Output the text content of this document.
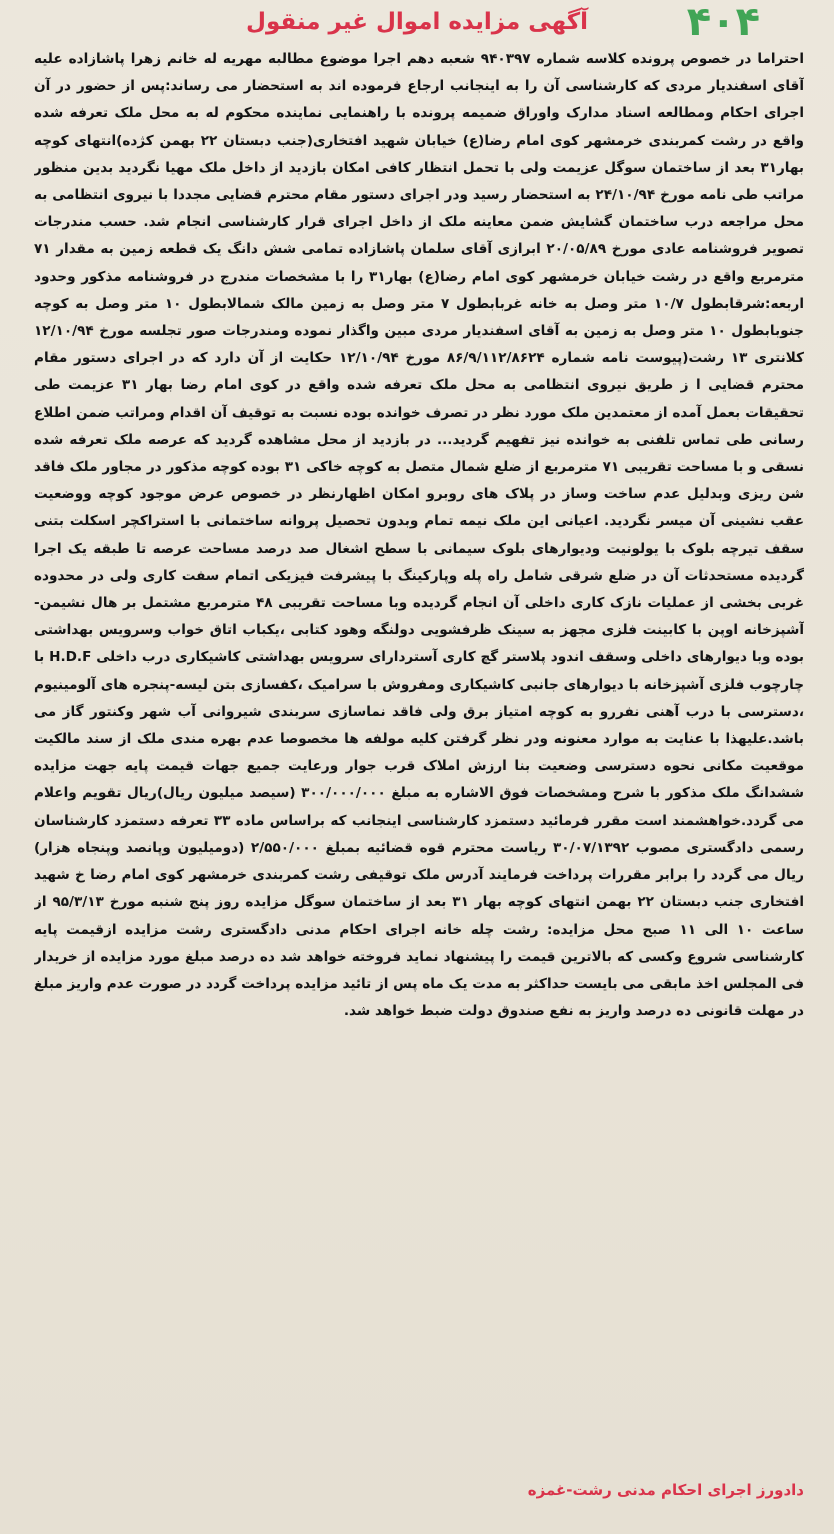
۴۰۴
آگهی مزایده اموال غیر منقول
احتراما در خصوص پرونده کلاسه شماره ۹۴۰۳۹۷ شعبه دهم اجرا موضوع مطالبه مهریه له خانم زهرا پاشازاده علیه آقای اسفندیار مردی که کارشناسی آن را به اینجانب ارجاع فرموده اند به استحضار می رساند:پس از حضور در آن اجرای احکام ومطالعه اسناد مدارک واوراق ضمیمه پرونده با راهنمایی نماینده محکوم له به محل ملک تعرفه شده واقع در رشت کمربندی خرمشهر کوی امام رضا(ع) خیابان شهید افتخاری(جنب دبستان ۲۲ بهمن کژده)انتهای کوچه بهار۳۱ بعد از ساختمان سوگل عزیمت ولی با تحمل انتظار کافی امکان بازدید از داخل ملک مهیا نگردید بدین منظور مراتب طی نامه مورخ ۲۴/۱۰/۹۴ به استحضار رسید ودر اجرای دستور مقام محترم قضایی مجددا با نیروی انتظامی به محل مراجعه درب ساختمان گشایش ضمن معاینه ملک از داخل اجرای قرار کارشناسی انجام شد. حسب مندرجات تصویر فروشنامه عادی مورخ ۲۰/۰۵/۸۹ ابرازی آقای سلمان پاشازاده تمامی شش دانگ یک قطعه زمین به مقدار ۷۱ مترمربع واقع در رشت خیابان خرمشهر کوی امام رضا(ع) بهار۳۱ را با مشخصات مندرج در فروشنامه مذکور وحدود اربعه:شرقابطول ۱۰/۷ متر وصل به خانه غربابطول ۷ متر وصل به زمین مالک شمالابطول ۱۰ متر وصل به کوچه جنوبابطول ۱۰ متر وصل به زمین به آقای اسفندیار مردی مبین واگذار نموده ومندرجات صور تجلسه مورخ ۱۲/۱۰/۹۴ کلانتری ۱۳ رشت(پیوست نامه شماره ۸۶/۹/۱۱۲/۸۶۲۴ مورخ ۱۲/۱۰/۹۴ حکایت از آن دارد که در اجرای دستور مقام محترم قضایی ا ز طریق نیروی انتظامی به محل ملک تعرفه شده واقع در کوی امام رضا بهار ۳۱ عزیمت طی تحقیقات بعمل آمده از معتمدین ملک مورد نظر در تصرف خوانده بوده نسبت به توقیف آن اقدام ومراتب ضمن اطلاع رسانی طی تماس تلفنی به خوانده نیز تفهیم گردید... در بازدید از محل مشاهده گردید که عرصه ملک تعرفه شده نسقی و با مساحت تقریبی ۷۱ مترمربع از ضلع شمال متصل به کوچه خاکی ۳۱ بوده کوچه مذکور در مجاور ملک فاقد شن ریزی وبدلیل عدم ساخت وساز در پلاک های روبرو امکان اظهارنظر در خصوص عرض موجود کوچه ووضعیت عقب نشینی آن میسر نگردید. اعیانی این ملک نیمه تمام وبدون تحصیل پروانه ساختمانی با استراکچر اسکلت بتنی سقف تیرچه بلوک با یولونیت ودیوارهای بلوک سیمانی با سطح اشغال صد درصد مساحت عرصه تا طبقه یک اجرا گردیده مستحدثات آن در ضلع شرقی شامل راه پله وپارکینگ با پیشرفت فیزیکی اتمام سفت کاری ولی در محدوده غربی بخشی از عملیات نازک کاری داخلی آن انجام گردیده وبا مساحت تقریبی ۴۸ مترمربع مشتمل بر هال نشیمن-آشپزخانه اوپن با کابینت فلزی مجهز به سینک ظرفشویی دولنگه وهود کتابی ،یکباب اتاق خواب وسرویس بهداشتی بوده وبا دیوارهای داخلی وسقف اندود پلاستر گچ کاری آستردارای سرویس بهداشتی کاشیکاری درب داخلی H.D.F با چارچوب فلزی آشپزخانه با دیوارهای جانبی کاشیکاری ومفروش با سرامیک ،کفسازی بتن لیسه-پنجره های آلومینیوم ،دسترسی با درب آهنی نفررو به کوچه امتیاز برق ولی فاقد نماسازی سربندی شیروانی آب شهر وکنتور گاز می باشد.علیهذا با عنایت به موارد معنونه ودر نظر گرفتن کلیه مولفه ها مخصوصا عدم بهره مندی ملک از سند مالکیت موقعیت مکانی نحوه دسترسی وضعیت بنا ارزش املاک قرب جوار ورعایت جمیع جهات قیمت پایه جهت مزایده ششدانگ ملک مذکور با شرح ومشخصات فوق الاشاره به مبلغ ۳۰۰/۰۰۰/۰۰۰ (سیصد میلیون ریال)ریال تقویم واعلام می گردد.خواهشمند است مقرر فرمائید دستمزد کارشناسی اینجانب که براساس ماده ۳۳ تعرفه دستمزد کارشناسان رسمی دادگستری مصوب ۳۰/۰۷/۱۳۹۲ ریاست محترم قوه قضائیه بمبلغ ۲/۵۵۰/۰۰۰ (دومیلیون وپانصد وپنجاه هزار) ریال می گردد را برابر مقررات پرداخت فرمایند آدرس ملک توقیفی رشت کمربندی خرمشهر کوی امام رضا خ شهید افتخاری جنب دبستان ۲۲ بهمن انتهای کوچه بهار ۳۱ بعد از ساختمان سوگل مزایده روز پنج شنبه مورخ ۹۵/۳/۱۳ از ساعت ۱۰ الی ۱۱ صبح محل مزایده: رشت چله خانه اجرای احکام مدنی دادگستری رشت مزایده ازقیمت پایه کارشناسی شروع وکسی که بالاترین قیمت را پیشنهاد نماید فروخته خواهد شد ده درصد مبلغ مورد مزایده از خریدار فی المجلس اخذ مابقی می بایست حداکثر به مدت یک ماه پس از تائید مزایده پرداخت گردد در صورت عدم واریز مبلغ در مهلت قانونی ده درصد واریز به نفع صندوق دولت ضبط خواهد شد.
دادورز اجرای احکام مدنی رشت-غمزه
